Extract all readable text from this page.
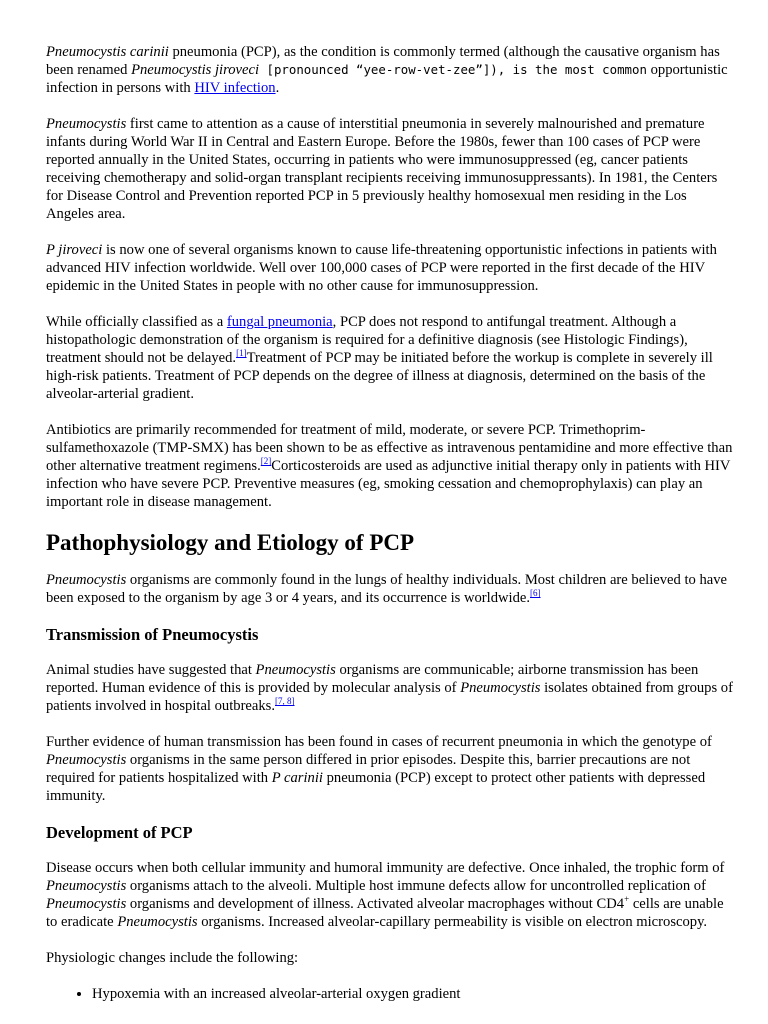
Pneumocystis carinii pneumonia (PCP), as the condition is commonly termed (although the causative organism has been renamed Pneumocystis jiroveci [pronounced “yee-row-vet-zee”]), is the most common opportunistic infection in persons with HIV infection.

Pneumocystis first came to attention as a cause of interstitial pneumonia in severely malnourished and premature infants during World War II in Central and Eastern Europe. Before the 1980s, fewer than 100 cases of PCP were reported annually in the United States, occurring in patients who were immunosuppressed (eg, cancer patients receiving chemotherapy and solid-organ transplant recipients receiving immunosuppressants). In 1981, the Centers for Disease Control and Prevention reported PCP in 5 previously healthy homosexual men residing in the Los Angeles area.

P jiroveci is now one of several organisms known to cause life-threatening opportunistic infections in patients with advanced HIV infection worldwide. Well over 100,000 cases of PCP were reported in the first decade of the HIV epidemic in the United States in people with no other cause for immunosuppression.

While officially classified as a fungal pneumonia, PCP does not respond to antifungal treatment. Although a histopathologic demonstration of the organism is required for a definitive diagnosis (see Histologic Findings), treatment should not be delayed.[1]Treatment of PCP may be initiated before the workup is complete in severely ill high-risk patients. Treatment of PCP depends on the degree of illness at diagnosis, determined on the basis of the alveolar-arterial gradient.

Antibiotics are primarily recommended for treatment of mild, moderate, or severe PCP. Trimethoprim-sulfamethoxazole (TMP-SMX) has been shown to be as effective as intravenous pentamidine and more effective than other alternative treatment regimens.[2]Corticosteroids are used as adjunctive initial therapy only in patients with HIV infection who have severe PCP. Preventive measures (eg, smoking cessation and chemoprophylaxis) can play an important role in disease management.

Pathophysiology and Etiology of PCP

Pneumocystis organisms are commonly found in the lungs of healthy individuals. Most children are believed to have been exposed to the organism by age 3 or 4 years, and its occurrence is worldwide.[6]

Transmission of Pneumocystis

Animal studies have suggested that Pneumocystis organisms are communicable; airborne transmission has been reported. Human evidence of this is provided by molecular analysis of Pneumocystis isolates obtained from groups of patients involved in hospital outbreaks.[7, 8]

Further evidence of human transmission has been found in cases of recurrent pneumonia in which the genotype of Pneumocystis organisms in the same person differed in prior episodes. Despite this, barrier precautions are not required for patients hospitalized with P carinii pneumonia (PCP) except to protect other patients with depressed immunity.

Development of PCP

Disease occurs when both cellular immunity and humoral immunity are defective. Once inhaled, the trophic form of Pneumocystis organisms attach to the alveoli. Multiple host immune defects allow for uncontrolled replication of Pneumocystis organisms and development of illness. Activated alveolar macrophages without CD4+ cells are unable to eradicate Pneumocystis organisms. Increased alveolar-capillary permeability is visible on electron microscopy.

Physiologic changes include the following:

• Hypoxemia with an increased alveolar-arterial oxygen gradient
